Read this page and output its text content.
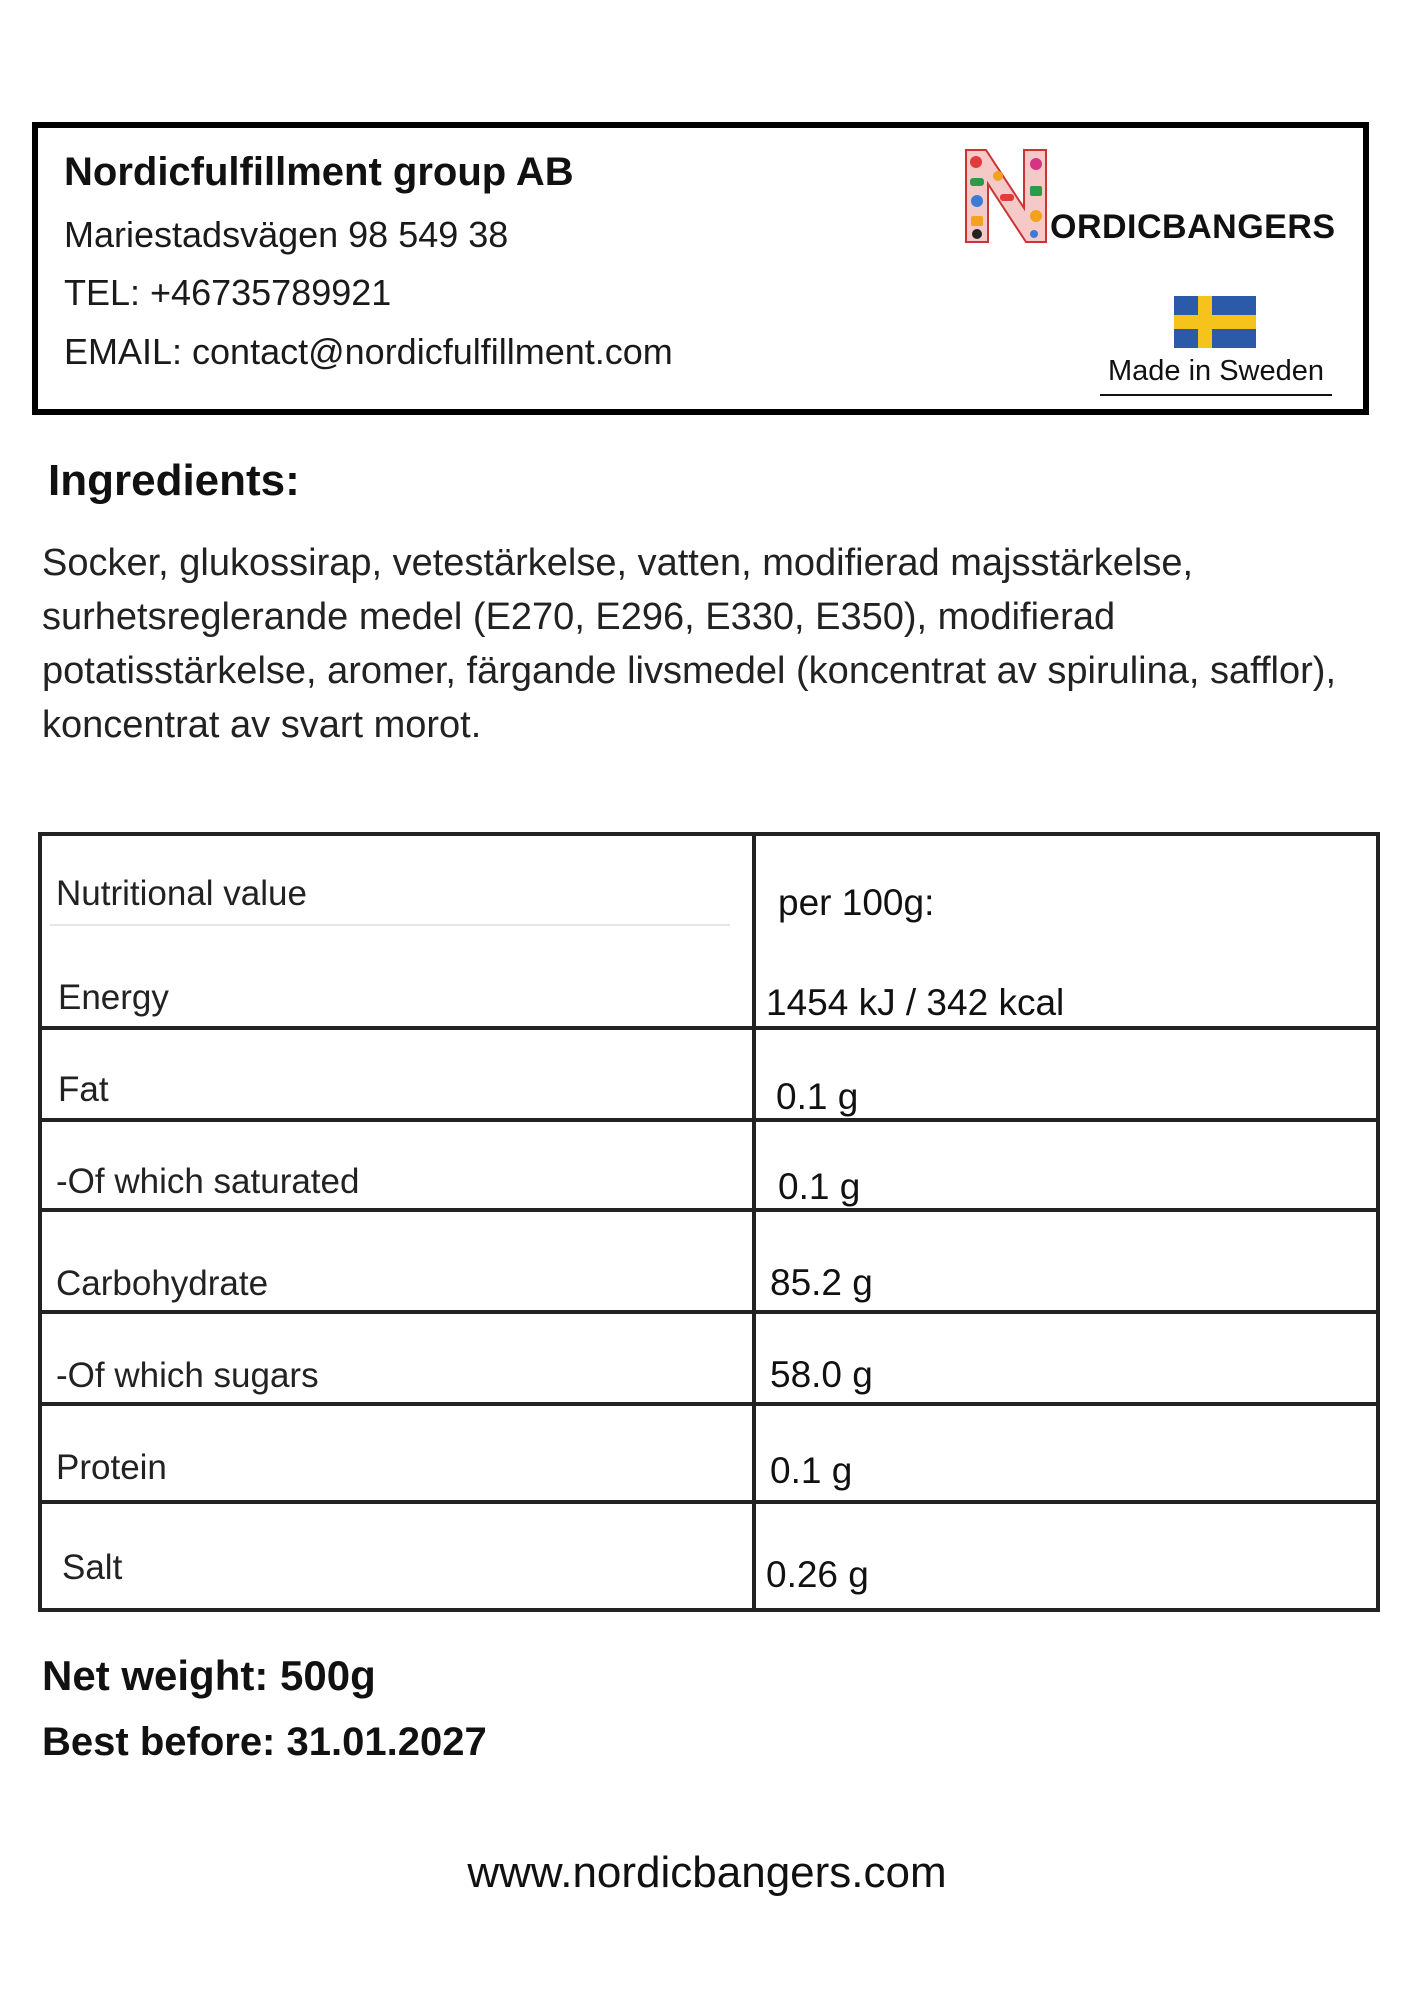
Nordicfulfillment group AB
Mariestadsvägen 98 549 38
TEL: +46735789921
EMAIL: contact@nordicfulfillment.com
ORDICBANGERS
Made in Sweden
Ingredients:
Socker, glukossirap, vetestärkelse, vatten, modifierad majsstärkelse, surhetsreglerande medel (E270, E296, E330, E350), modifierad potatisstärkelse, aromer, färgande livsmedel (koncentrat av spirulina, safflor), koncentrat av svart morot.
Nutritional value	per 100g:
Energy	1454 kJ / 342 kcal
Fat	0.1 g
-Of which saturated	0.1 g
Carbohydrate	85.2 g
-Of which sugars	58.0 g
Protein	0.1 g
Salt	0.26 g
Net weight: 500g
Best before: 31.01.2027
www.nordicbangers.com
